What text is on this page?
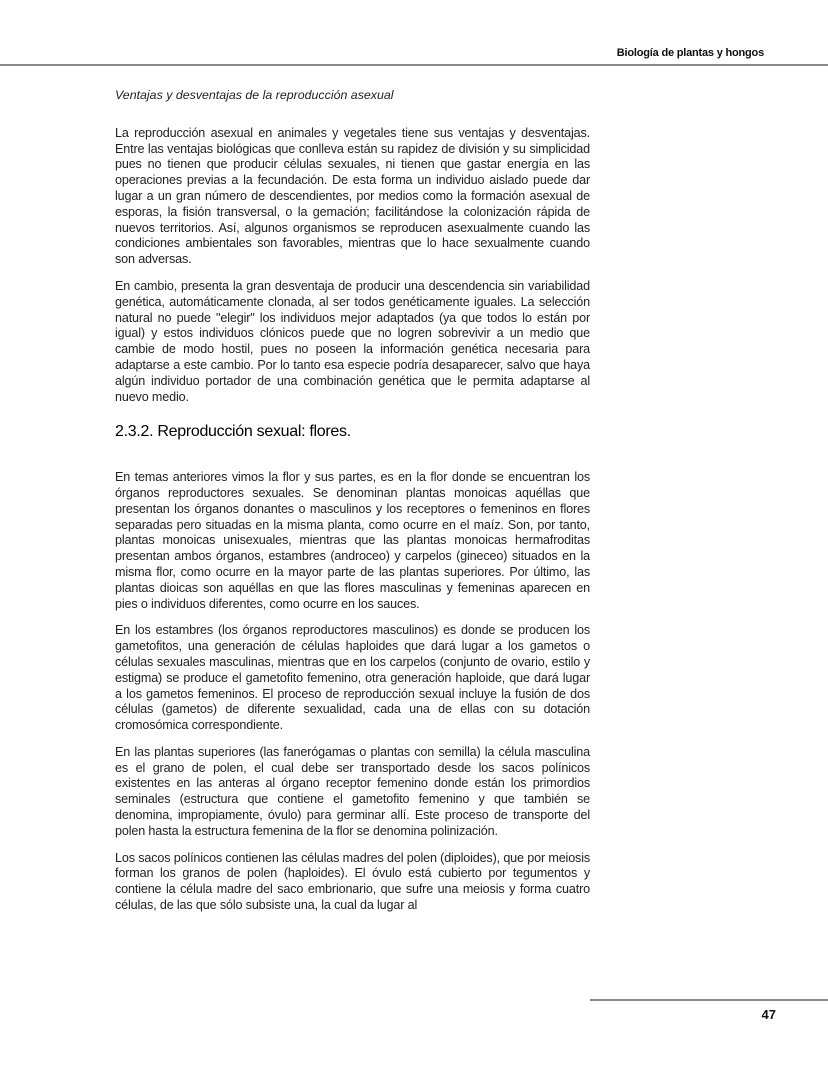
Biología de plantas y hongos
Ventajas y desventajas de la reproducción asexual

La reproducción asexual en animales y vegetales tiene sus ventajas y desventajas. Entre las ventajas biológicas que conlleva están su rapidez de división y su simplicidad pues no tienen que producir células sexuales, ni tienen que gastar energía en las operaciones previas a la fecundación. De esta forma un individuo aislado puede dar lugar a un gran número de descendientes, por medios como la formación asexual de esporas, la fisión transversal, o la gemación; facilitándose la colonización rápida de nuevos territorios. Así, algunos organismos se reproducen asexualmente cuando las condiciones ambientales son favorables, mientras que lo hace sexualmente cuando son adversas.

En cambio, presenta la gran desventaja de producir una descendencia sin variabilidad genética, automáticamente clonada, al ser todos genéticamente iguales. La selección natural no puede "elegir" los individuos mejor adaptados (ya que todos lo están por igual) y estos individuos clónicos puede que no logren sobrevivir a un medio que cambie de modo hostil, pues no poseen la información genética necesaria para adaptarse a este cambio. Por lo tanto esa especie podría desaparecer, salvo que haya algún individuo portador de una combinación genética que le permita adaptarse al nuevo medio.

2.3.2. Reproducción sexual: flores.

En temas anteriores vimos la flor y sus partes, es en la flor donde se encuentran los órganos reproductores sexuales. Se denominan plantas monoicas aquéllas que presentan los órganos donantes o masculinos y los receptores o femeninos en flores separadas pero situadas en la misma planta, como ocurre en el maíz. Son, por tanto, plantas monoicas unisexuales, mientras que las plantas monoicas hermafroditas presentan ambos órganos, estambres (androceo) y carpelos (gineceo) situados en la misma flor, como ocurre en la mayor parte de las plantas superiores. Por último, las plantas dioicas son aquéllas en que las flores masculinas y femeninas aparecen en pies o individuos diferentes, como ocurre en los sauces.

En los estambres (los órganos reproductores masculinos) es donde se producen los gametofitos, una generación de células haploides que dará lugar a los gametos o células sexuales masculinas, mientras que en los carpelos (conjunto de ovario, estilo y estigma) se produce el gametofito femenino, otra generación haploide, que dará lugar a los gametos femeninos. El proceso de reproducción sexual incluye la fusión de dos células (gametos) de diferente sexualidad, cada una de ellas con su dotación cromosómica correspondiente.

En las plantas superiores (las fanerógamas o plantas con semilla) la célula masculina es el grano de polen, el cual debe ser transportado desde los sacos polínicos existentes en las anteras al órgano receptor femenino donde están los primordios seminales (estructura que contiene el gametofito femenino y que también se denomina, impropiamente, óvulo) para germinar allí. Este proceso de transporte del polen hasta la estructura femenina de la flor se denomina polinización.

Los sacos polínicos contienen las células madres del polen (diploides), que por meiosis forman los granos de polen (haploides). El óvulo está cubierto por tegumentos y contiene la célula madre del saco embrionario, que sufre una meiosis y forma cuatro células, de las que sólo subsiste una, la cual da lugar al

47
